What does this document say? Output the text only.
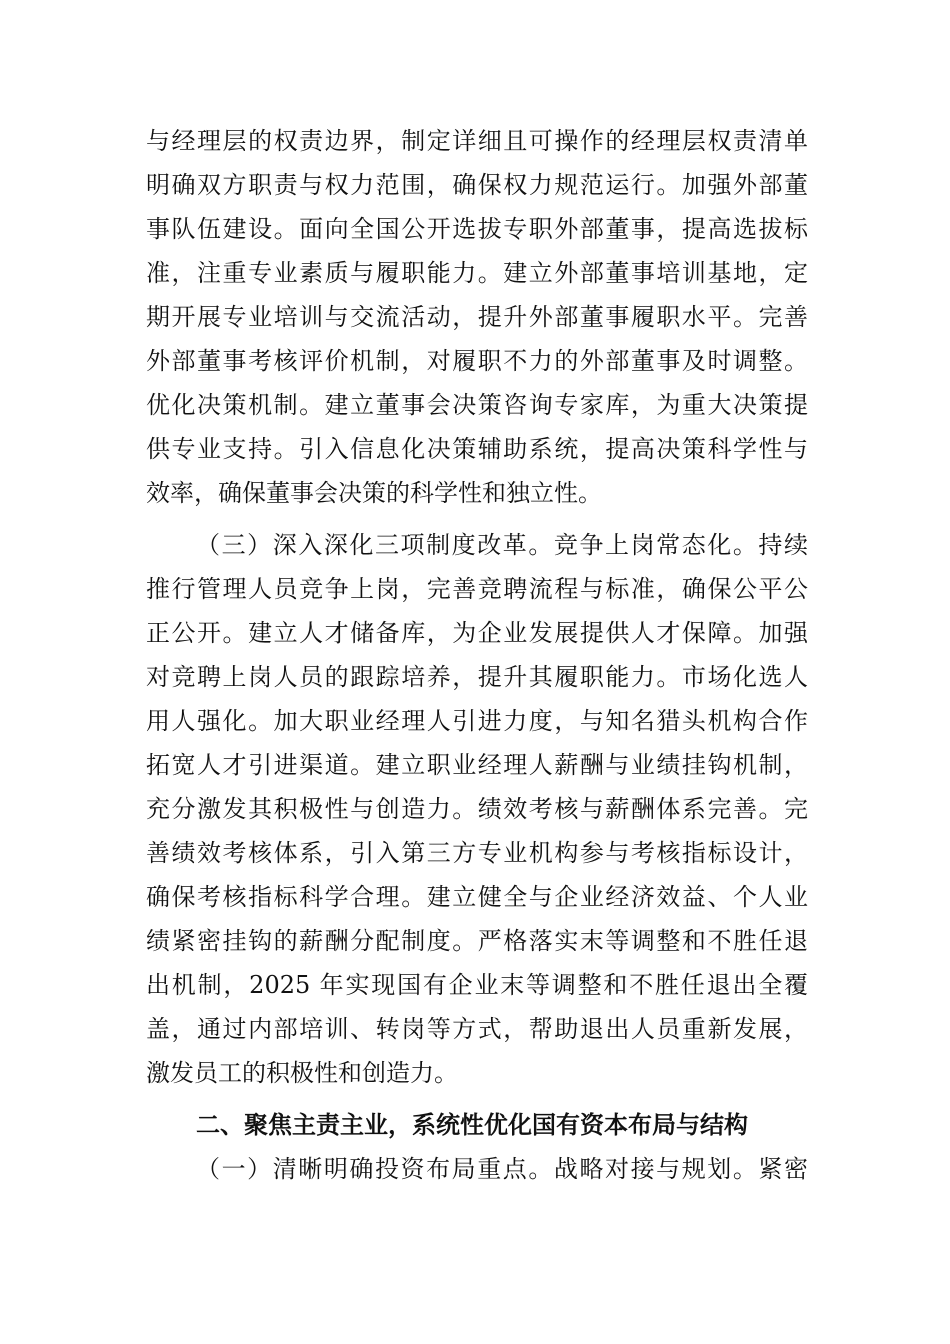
与经理层的权责边界，制定详细且可操作的经理层权责清单
明确双方职责与权力范围，确保权力规范运行。加强外部董
事队伍建设。面向全国公开选拔专职外部董事，提高选拔标
准，注重专业素质与履职能力。建立外部董事培训基地，定
期开展专业培训与交流活动，提升外部董事履职水平。完善
外部董事考核评价机制，对履职不力的外部董事及时调整。
优化决策机制。建立董事会决策咨询专家库，为重大决策提
供专业支持。引入信息化决策辅助系统，提高决策科学性与
效率，确保董事会决策的科学性和独立性。
（三）深入深化三项制度改革。竞争上岗常态化。持续
推行管理人员竞争上岗，完善竞聘流程与标准，确保公平公
正公开。建立人才储备库，为企业发展提供人才保障。加强
对竞聘上岗人员的跟踪培养，提升其履职能力。市场化选人
用人强化。加大职业经理人引进力度，与知名猎头机构合作
拓宽人才引进渠道。建立职业经理人薪酬与业绩挂钩机制，
充分激发其积极性与创造力。绩效考核与薪酬体系完善。完
善绩效考核体系，引入第三方专业机构参与考核指标设计，
确保考核指标科学合理。建立健全与企业经济效益、个人业
绩紧密挂钩的薪酬分配制度。严格落实末等调整和不胜任退
出机制，2025 年实现国有企业末等调整和不胜任退出全覆
盖，通过内部培训、转岗等方式，帮助退出人员重新发展，
激发员工的积极性和创造力。
二、聚焦主责主业，系统性优化国有资本布局与结构
（一）清晰明确投资布局重点。战略对接与规划。紧密
